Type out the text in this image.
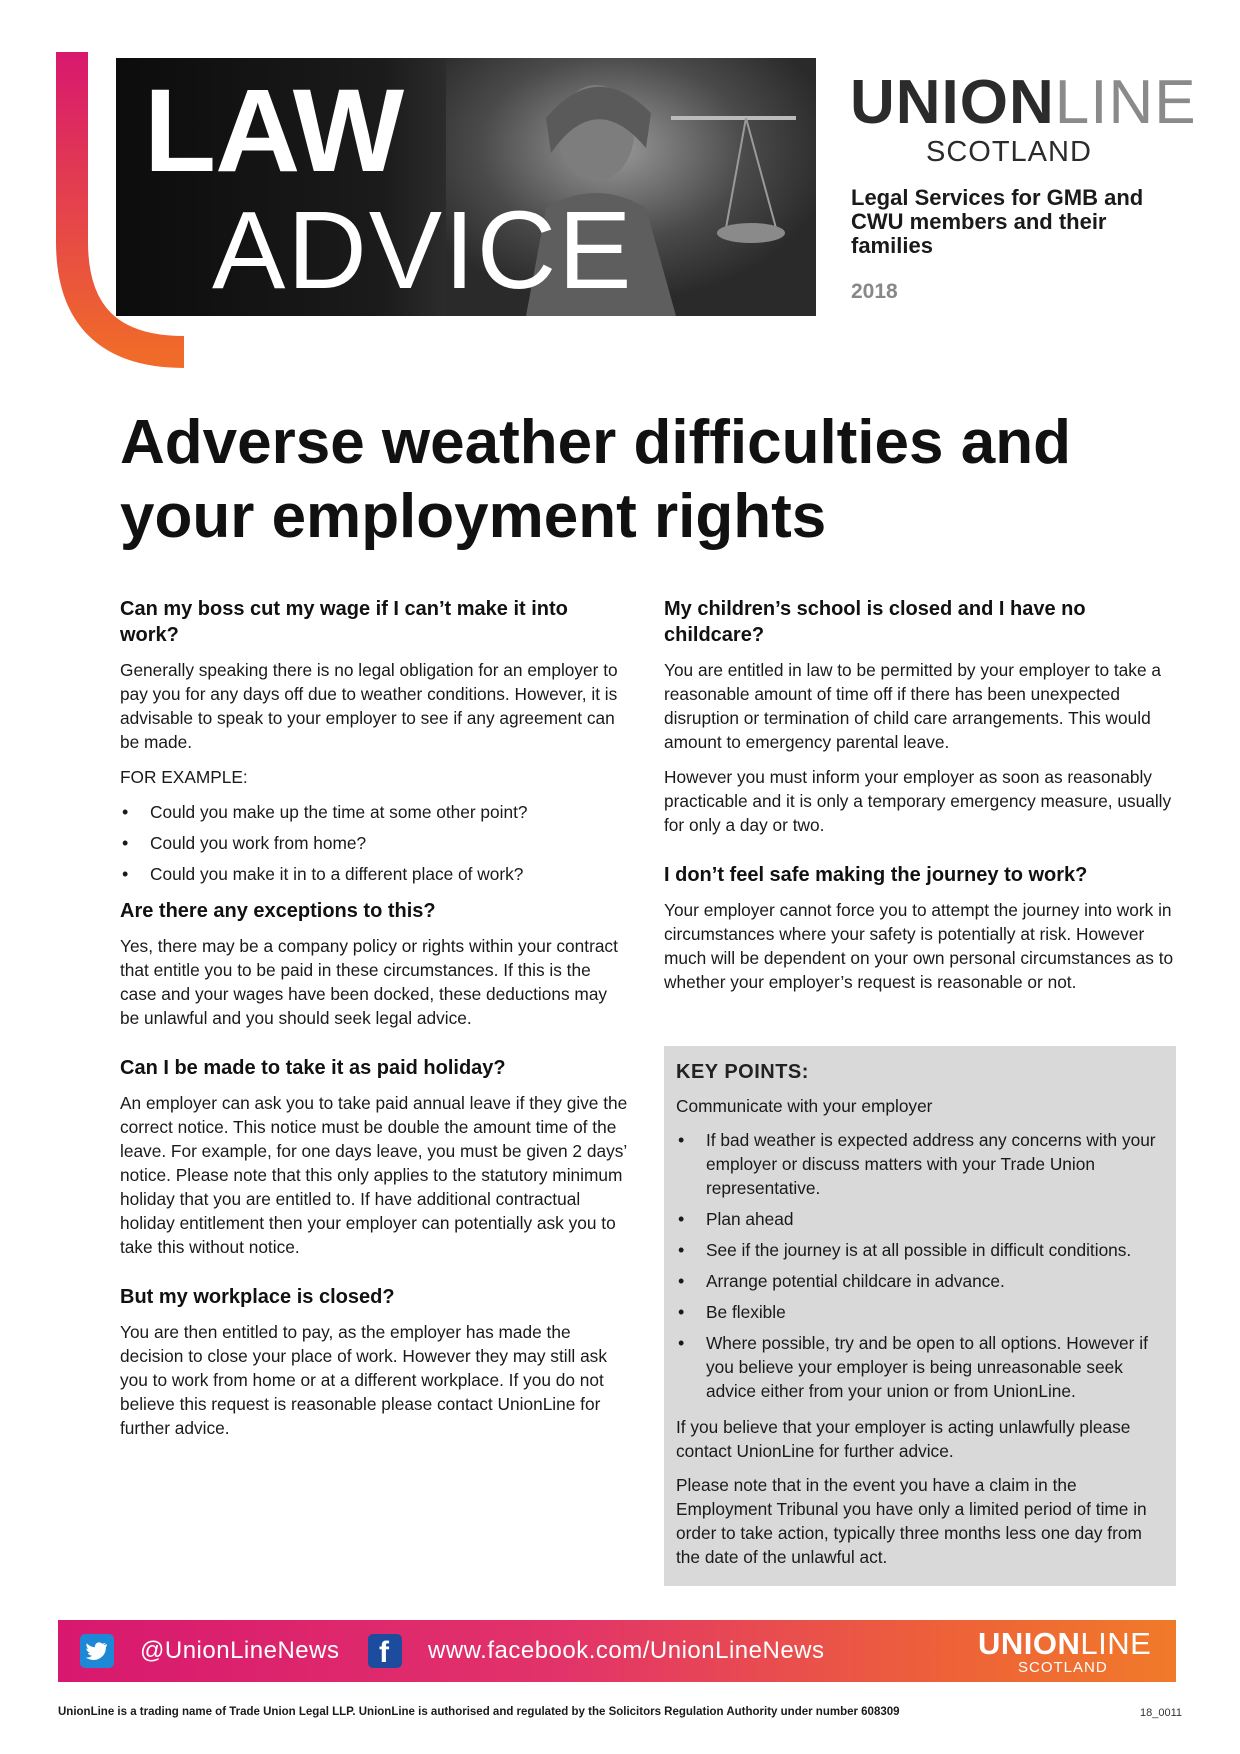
LAW
ADVICE
UNIONLINE
SCOTLAND
Legal Services for GMB and CWU members and their families
2018
Adverse weather difficulties and your employment rights
Can my boss cut my wage if I can’t make it into work?

Generally speaking there is no legal obligation for an employer to pay you for any days off due to weather conditions. However, it is advisable to speak to your employer to see if any agreement can be made.

FOR EXAMPLE:

• Could you make up the time at some other point?
• Could you work from home?
• Could you make it in to a different place of work?
Are there any exceptions to this?

Yes, there may be a company policy or rights within your contract that entitle you to be paid in these circumstances. If this is the case and your wages have been docked, these deductions may be unlawful and you should seek legal advice.

Can I be made to take it as paid holiday?

An employer can ask you to take paid annual leave if they give the correct notice. This notice must be double the amount time of the leave. For example, for one days leave, you must be given 2 days’ notice. Please note that this only applies to the statutory minimum holiday that you are entitled to. If have additional contractual holiday entitlement then your employer can potentially ask you to take this without notice.

But my workplace is closed?

You are then entitled to pay, as the employer has made the decision to close your place of work. However they may still ask you to work from home or at a different workplace. If you do not believe this request is reasonable please contact UnionLine for further advice.

My children’s school is closed and I have no childcare?

You are entitled in law to be permitted by your employer to take a reasonable amount of time off if there has been unexpected disruption or termination of child care arrangements. This would amount to emergency parental leave.

However you must inform your employer as soon as reasonably practicable and it is only a temporary emergency measure, usually for only a day or two.

I don’t feel safe making the journey to work?

Your employer cannot force you to attempt the journey into work in circumstances where your safety is potentially at risk. However much will be dependent on your own personal circumstances as to whether your employer’s request is reasonable or not.

KEY POINTS:

Communicate with your employer

• If bad weather is expected address any concerns with your employer or discuss matters with your Trade Union representative.
• Plan ahead
• See if the journey is at all possible in difficult conditions.
• Arrange potential childcare in advance.
• Be flexible
• Where possible, try and be open to all options. However if you believe your employer is being unreasonable seek advice either from your union or from UnionLine.

If you believe that your employer is acting unlawfully please contact UnionLine for further advice.

Please note that in the event you have a claim in the Employment Tribunal you have only a limited period of time in order to take action, typically three months less one day from the date of the unlawful act.

@UnionLineNews f www.facebook.com/UnionLineNews	UNIONLINE
SCOTLAND
UnionLine is a trading name of Trade Union Legal LLP. UnionLine is authorised and regulated by the Solicitors Regulation Authority under number 608309	18_0011
